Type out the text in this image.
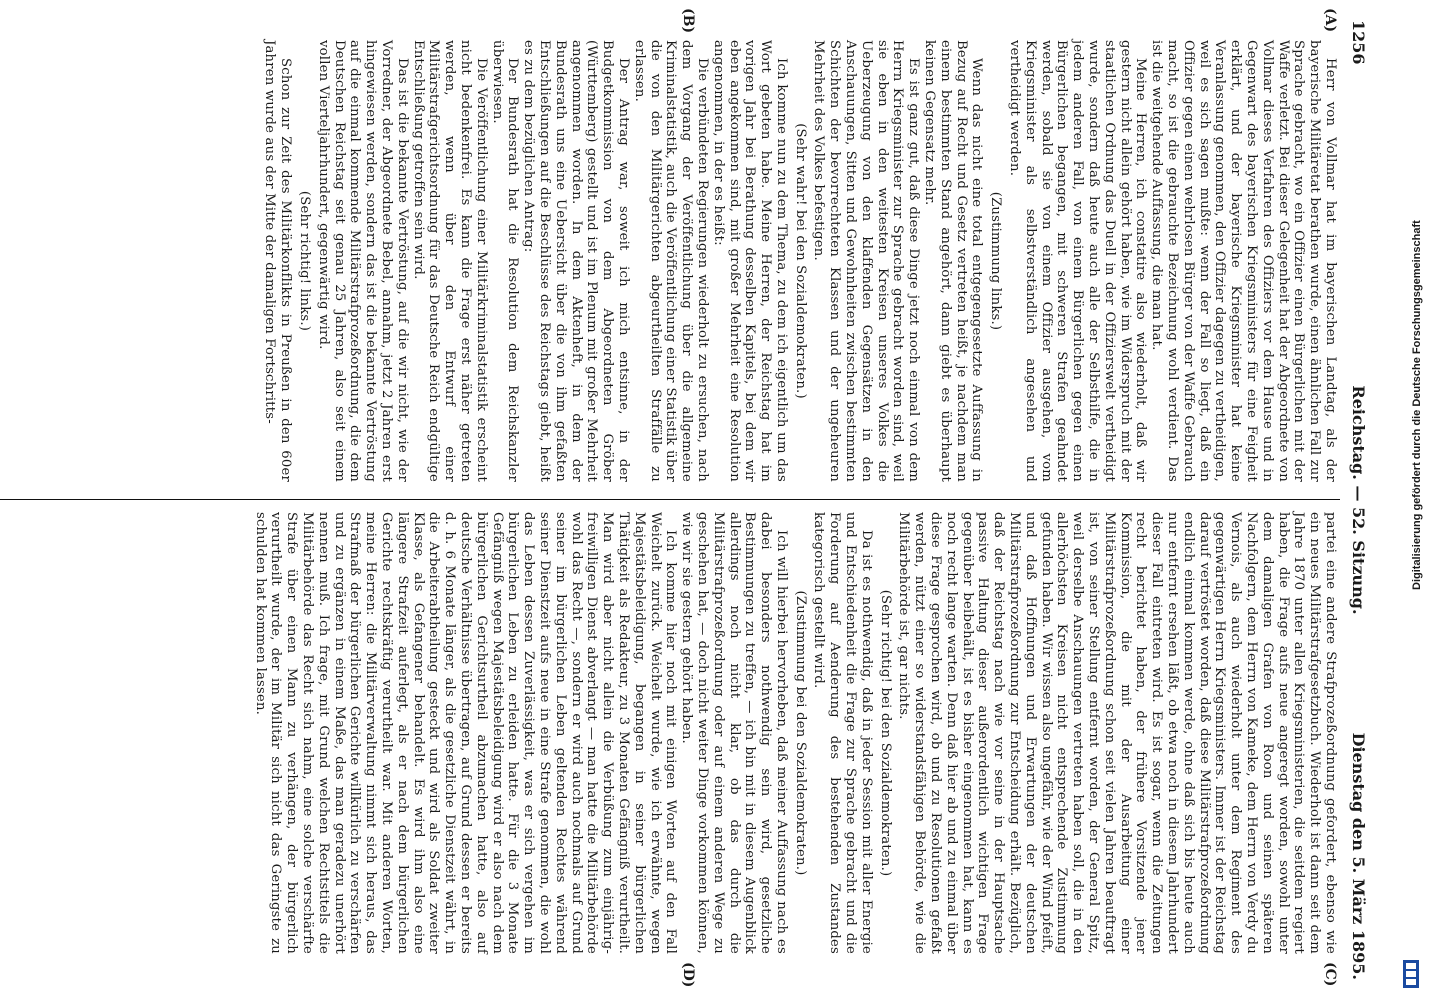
1256
Reichstag. — 52. Sitzung.
Dienstag den 5. März 1895.
(A)
(B)
(C)
(D)

Herr von Vollmar hat im bayerischen Landtag, als der bayerische Militäretat berathen wurde, einen ähnlichen Fall zur Sprache gebracht, wo ein Offizier einen Bürgerlichen mit der Waffe verletzt. Bei dieser Gelegenheit hat der Abgeordnete von Vollmar dieses Verfahren des Offiziers vor dem Hause und in Gegenwart des bayerischen Kriegsministers für eine Feigheit erklärt, und der bayerische Kriegsminister hat keine Veranlassung genommen, den Offizier dagegen zu vertheidigen, weil es sich sagen mußte: wenn der Fall so liegt, daß ein Offizier gegen einen wehrlosen Bürger von der Waffe Gebrauch macht, so ist die gebrauchte Bezeichnung wohl verdient. Das ist die weitgehende Auffassung, die man hat.

Meine Herren, ich constatire also wiederholt, daß wir gestern nicht allein gehört haben, wie im Widerspruch mit der staatlichen Ordnung das Duell in der Offizierswelt vertheidigt wurde, sondern daß heute auch alle der Selbsthilfe, die in jedem anderen Fall, von einem Bürgerlichen gegen einen Bürgerlichen begangen, mit schweren Strafen geahndet werden, sobald sie von einem Offizier ausgehen, vom Kriegsminister als selbstverständlich angesehen und vertheidigt werden.

(Zustimmung links.)

Wenn das nicht eine total entgegengesetzte Auffassung in Bezug auf Recht und Gesetz vertreten heißt, je nachdem man einem bestimmten Stand angehört, dann giebt es überhaupt keinen Gegensatz mehr.

Es ist ganz gut, daß diese Dinge jetzt noch einmal von dem Herrn Kriegsminister zur Sprache gebracht worden sind, weil sie eben in den weitesten Kreisen unseres Volkes die Ueberzeugung von den klaffenden Gegensätzen in den Anschauungen, Sitten und Gewohnheiten zwischen bestimmten Schichten der bevorrechteten Klassen und der ungeheuren Mehrheit des Volkes befestigen.

(Sehr wahr! bei den Sozialdemokraten.)

Ich komme nun zu dem Thema, zu dem ich eigentlich um das Wort gebeten habe. Meine Herren, der Reichstag hat im vorigen Jahr bei Berathung desselben Kapitels, bei dem wir eben angekommen sind, mit großer Mehrheit eine Resolution angenommen, in der es heißt:

Die verbündeten Regierungen wiederholt zu ersuchen, nach dem Vorgang der Veröffentlichung über die allgemeine Kriminalstatistik, auch die Veröffentlichung einer Statistik über die von den Militärgerichten abgeurtheilten Straffälle zu erlassen.

Der Antrag war, soweit ich mich entsinne, in der Budgetkommission von dem Abgeordneten Gröber (Württemberg) gestellt und ist im Plenum mit großer Mehrheit angenommen worden. In dem Aktenheft, in dem der Bundesrath uns eine Uebersicht über die von ihm gefaßten Entschließungen auf die Beschlüsse des Reichstags giebt, heißt es zu dem bezüglichen Antrag:

Der Bundesrath hat die Resolution dem Reichskanzler überwiesen.

Die Veröffentlichung einer Militärkriminalstatistik erscheint nicht bedenkenfrei. Es kann die Frage erst näher getreten werden, wenn über den Entwurf einer Militärstrafgerichtsordnung für das Deutsche Reich endgültige Entschließung getroffen sein wird.

Das ist die bekannte Vertröstung, auf die wir nicht, wie der Vorredner, der Abgeordnete Bebel, annahm, jetzt 2 Jahren erst hingewiesen werden, sondern das ist die bekannte Vertröstung auf die einmal kommende Militärstrafprozeßordnung, die dem Deutschen Reichstag seit genau 25 Jahren, also seit einem vollen Vierteljahrhundert, gegenwärtig wird.

(Sehr richtig! links.)

Schon zur Zeit des Militärkonflikts in Preußen in den 60er Jahren wurde aus der Mitte der damaligen Fortschritts-

partei eine andere Strafprozeßordnung gefordert, ebenso wie ein neues Militärstrafgesetzbuch. Wiederholt ist dann seit dem Jahre 1870 unter allen Kriegsministerien, die seitdem regiert haben, die Frage aufs neue angeregt worden, sowohl unter dem damaligen Grafen von Roon und seinen späteren Nachfolgern, dem Herrn von Kameke, dem Herrn von Verdy du Vernois, als auch wiederholt unter dem Regiment des gegenwärtigen Herrn Kriegsministers. Immer ist der Reichstag darauf vertröstet worden, daß diese Militärstrafprozeßordnung endlich einmal kommen werde, ohne daß sich bis heute auch nur entfernt ersehen läßt, ob etwa noch in diesem Jahrhundert dieser Fall eintreten wird. Es ist sogar, wenn die Zeitungen recht berichtet haben, der frühere Vorsitzende jener Kommission, die mit der Ausarbeitung einer Militärstrafprozeßordnung schon seit vielen Jahren beauftragt ist, von seiner Stellung entfernt worden, der General Spitz, weil derselbe Anschauungen vertreten haben soll, die in den allerhöchsten Kreisen nicht entsprechende Zustimmung gefunden haben. Wir wissen also ungefähr, wie der Wind pfeift, und daß Hoffnungen und Erwartungen der deutschen Militärstrafprozeßordnung zur Entscheidung erhält. Bezüglich, daß der Reichstag nach wie vor seine in der Hauptsache passive Haltung dieser außerordentlich wichtigen Frage gegenüber beibehält, ist es bisher eingenommen hat, kann es noch recht lange warten. Denn daß hier ab und zu einmal über diese Frage gesprochen wird, ob und zu Resolutionen gefaßt werden, nützt einer so widerstandsfähigen Behörde, wie die Militärbehörde ist, gar nichts.

(Sehr richtig! bei den Sozialdemokraten.)

Da ist es nothwendig, daß in jeder Session mit aller Energie und Entschiedenheit die Frage zur Sprache gebracht und die Forderung auf Aenderung des bestehenden Zustandes kategorisch gestellt wird.

(Zustimmung bei den Sozialdemokraten.)

Ich will hierbei hervorheben, daß meiner Auffassung nach es dabei besonders nothwendig sein wird, gesetzliche Bestimmungen zu treffen, — ich bin mit in diesem Augenblick allerdings noch nicht klar, ob das durch die Militärstrafprozeßordnung oder auf einem anderen Wege zu geschehen hat, — doch nicht weiter Dinge vorkommen können, wie wir sie gestern gehört haben.

Ich komme hier noch mit einigen Worten auf den Fall Weichelt zurück. Weichelt wurde, wie ich erwähnte, wegen Majestätsbeleidigung, begangen in seiner bürgerlichen Thätigkeit als Redakteur, zu 3 Monaten Gefängniß verurtheilt. Man wird aber nicht allein die Verbüßung zum einjährig-freiwilligen Dienst abverlangt — man hatte die Militärbehörde wohl das Recht —, sondern er wird auch nochmals auf Grund seiner im bürgerlichen Leben geltenden Rechtes während seiner Dienstzeit aufs neue in eine Strafe genommen, die wohl das Leben dessen Zuverlässigkeit, was er sich vergehen im bürgerlichen Leben zu erleiden hatte. Für die 3 Monate Gefängniß wegen Majestätsbeleidigung wird er also nach dem bürgerlichen Gerichtsurtheil abzumachen hatte, also auf deutsche Verhältnisse übertragen, auf Grund dessen er bereits d. h. 6 Monate länger, als die gesetzliche Dienstzeit währt, in die Arbeiterabtheilung gesteckt und wird als Soldat zweiter Klasse, als Gefangener behandelt. Es wird ihm also eine längere Strafzeit auferlegt, als er nach dem bürgerlichen Gerichte rechtskräftig verurtheilt war. Mit anderen Worten, meine Herren: die Militärverwaltung nimmt sich heraus, das Strafmaß der bürgerlichen Gerichte willkürlich zu verschärfen und zu ergänzen in einem Maße, das man geradezu unerhört nennen muß. Ich frage, mit Grund welchen Rechtstitels die Militärbehörde das Recht sich nahm, eine solche verschärfte Strafe über einen Mann zu verhängen, der bürgerlich verurtheilt wurde, der im Militär sich nicht das Geringste zu schulden hat kommen lassen.

Digitalisierung gefördert durch die Deutsche Forschungsgemeinschaft
